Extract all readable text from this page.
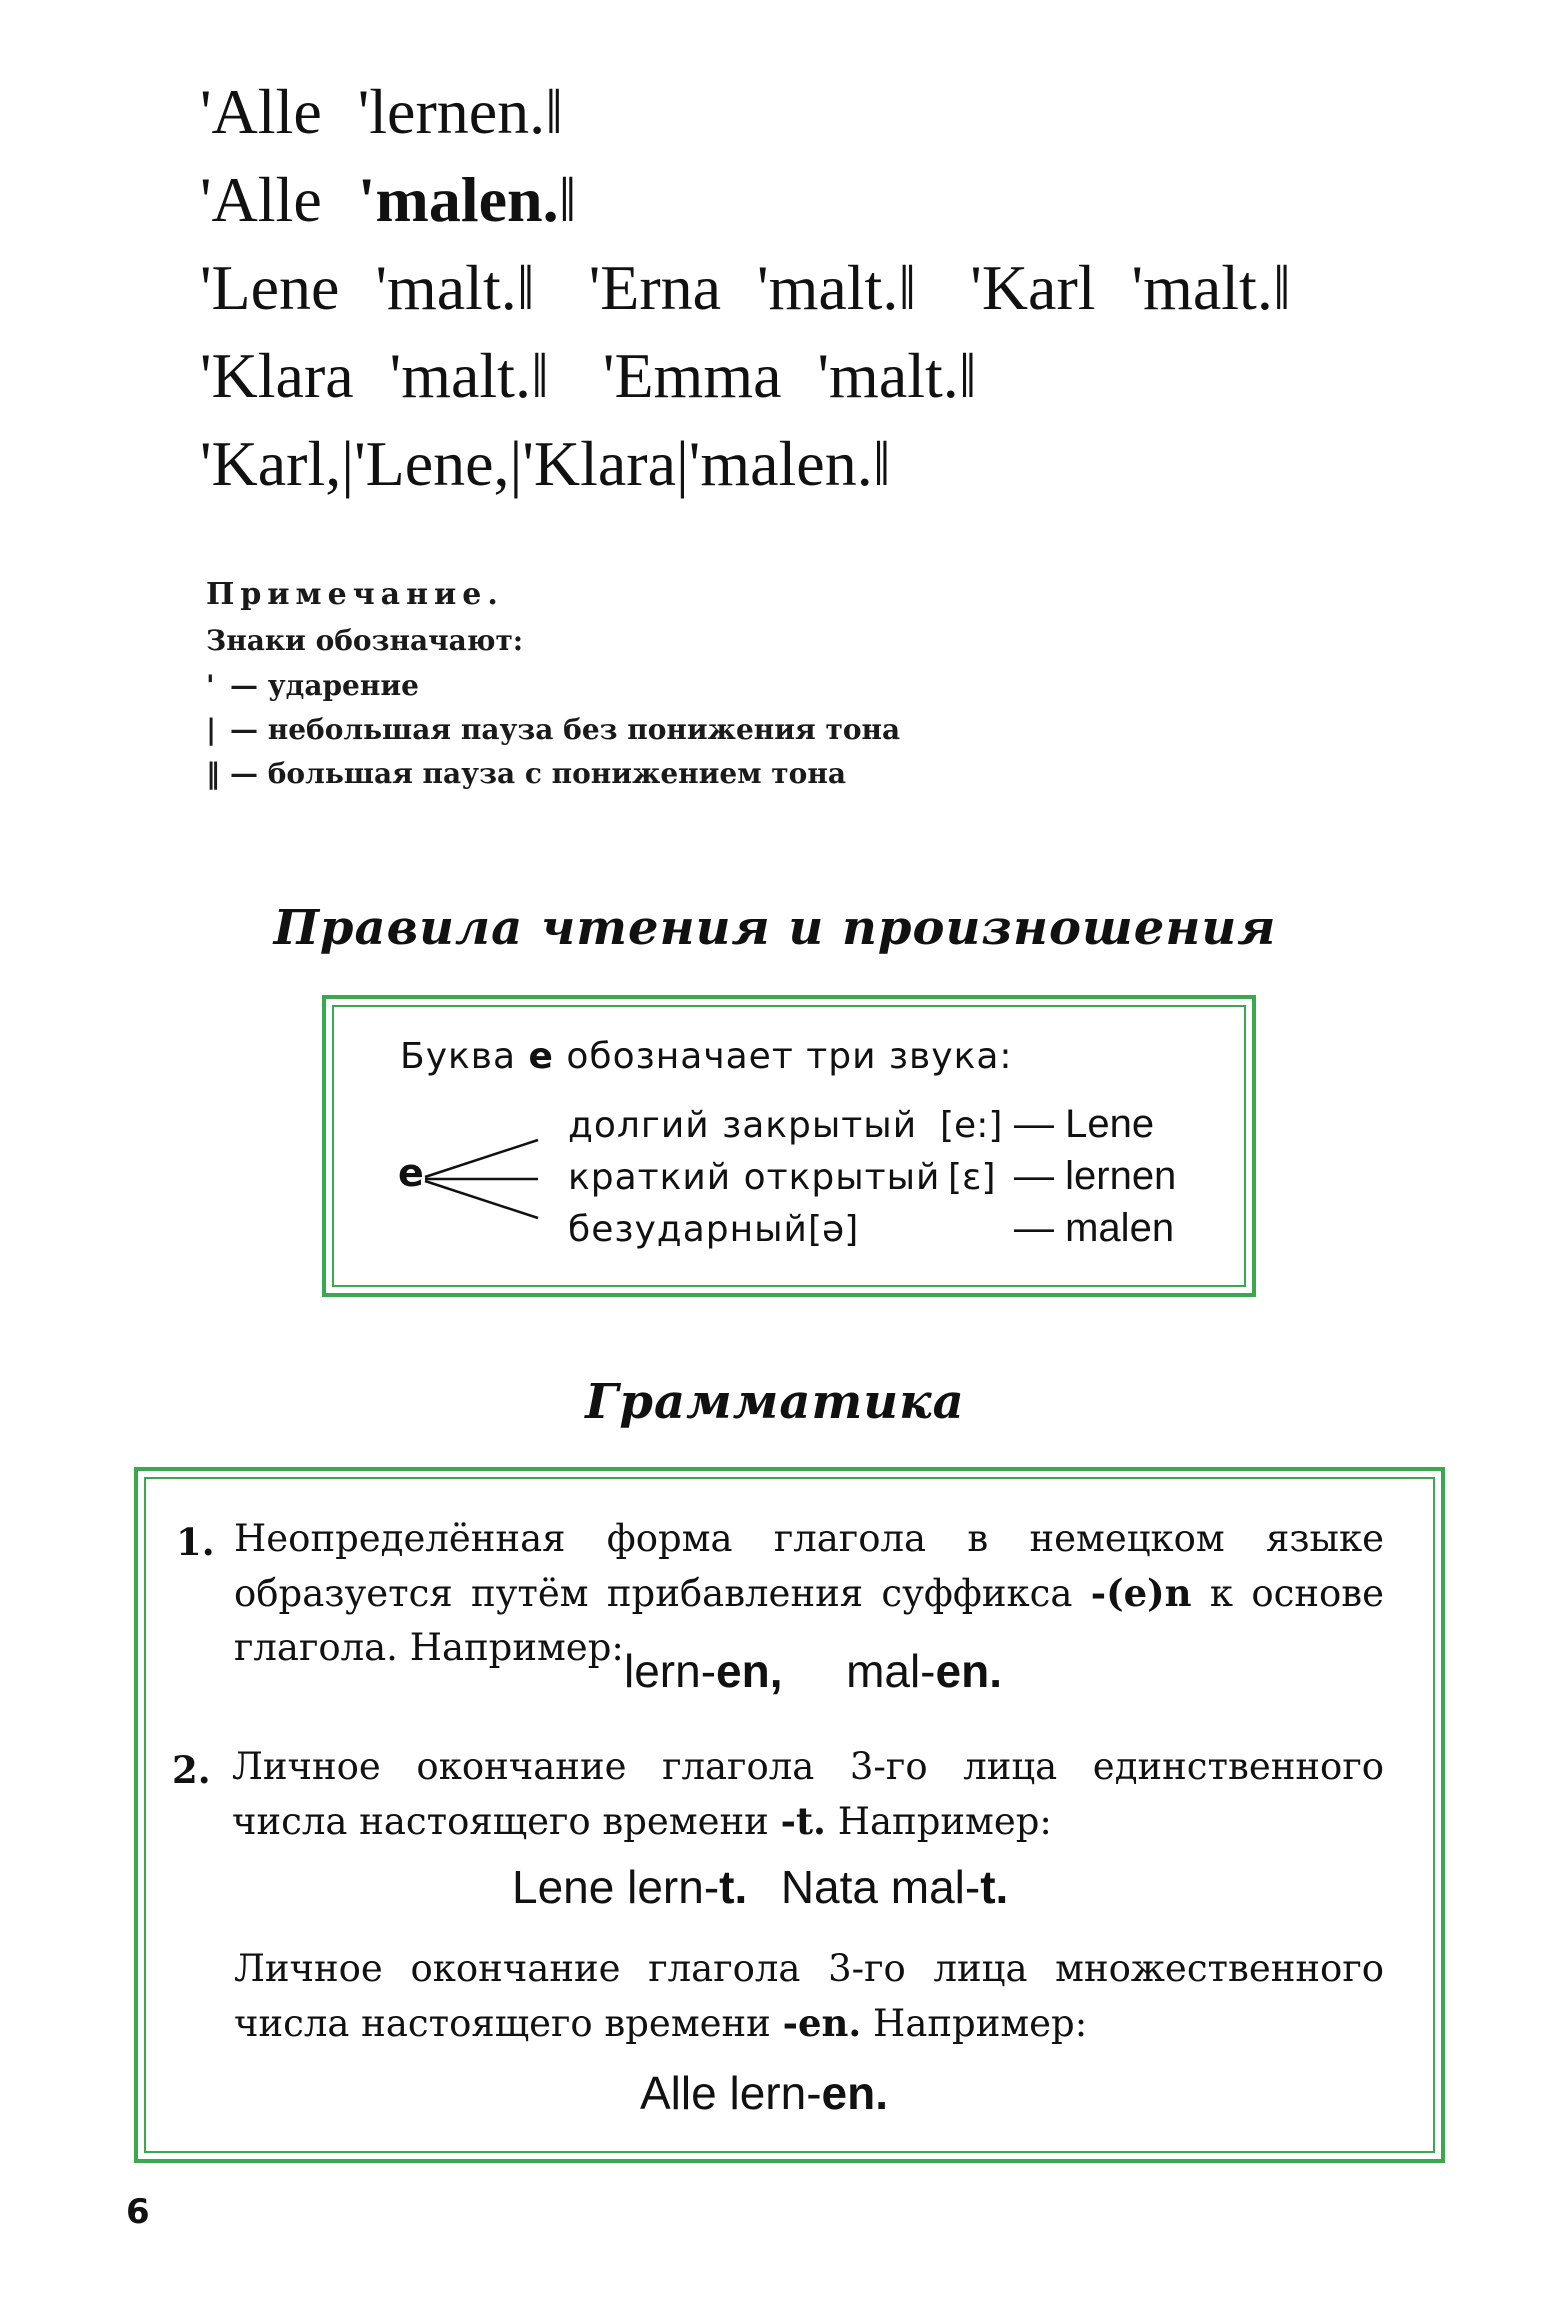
'Alle 'lernen.‖
'Alle 'malen.‖
'Lene 'malt.‖ 'Erna 'malt.‖ 'Karl 'malt.‖
'Klara 'malt.‖ 'Emma 'malt.‖
'Karl,|'Lene,|'Klara|'malen.‖
Примечание.
Знаки обозначают:
' — ударение
| — небольшая пауза без понижения тона
‖ — большая пауза с понижением тона
Правила чтения и произношения
Буква e обозначает три звука:
e
долгий закрытый [e:] — Lene
краткий открытый [ε] — lernen
безударный [ə]	— malen
Грамматика
1. Неопределённая форма глагола в немецком языке образуется путём прибавления суффикса -(e)n к основе глагола. Например: lern-en, mal-en.
2. Личное окончание глагола 3-го лица единственного числа настоящего времени -t. Например:
Lene lern-t. Nata mal-t.
Личное окончание глагола 3-го лица множественного числа настоящего времени -en. Например:
Alle lern-en.
6
